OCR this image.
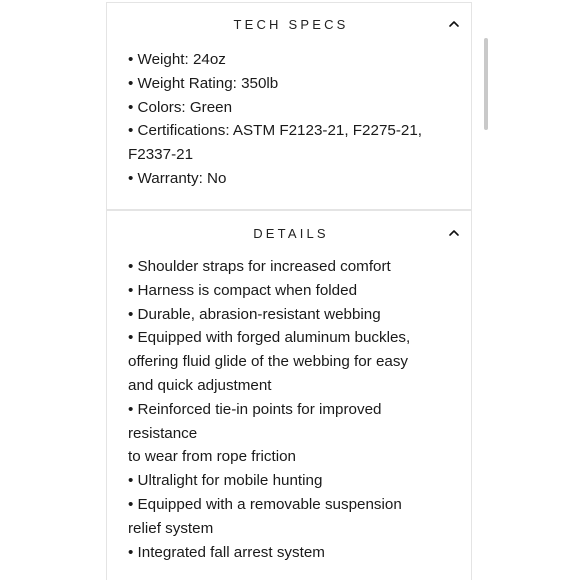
TECH SPECS
• Weight: 24oz
• Weight Rating: 350lb
• Colors: Green
• Certifications: ASTM F2123-21, F2275-21,
F2337-21
• Warranty: No
DETAILS
• Shoulder straps for increased comfort
• Harness is compact when folded
• Durable, abrasion-resistant webbing
• Equipped with forged aluminum buckles,
offering fluid glide of the webbing for easy
and quick adjustment
• Reinforced tie-in points for improved
resistance
to wear from rope friction
• Ultralight for mobile hunting
• Equipped with a removable suspension
relief system
• Integrated fall arrest system
